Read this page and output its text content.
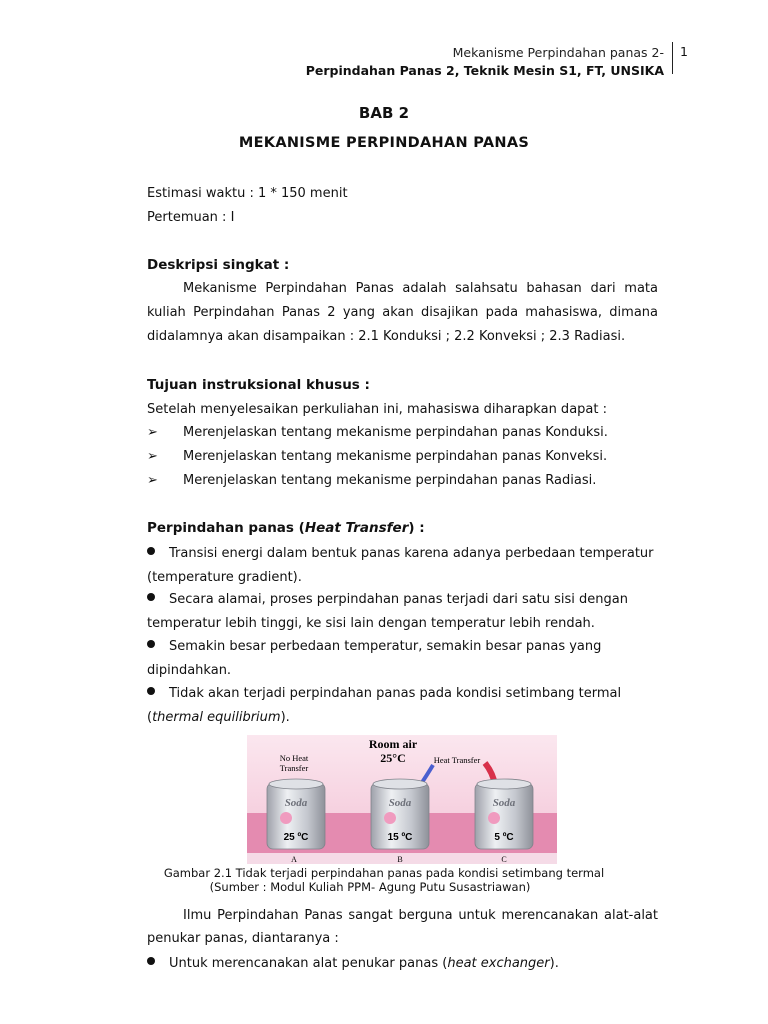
Mekanisme Perpindahan panas 2-
Perpindahan Panas 2, Teknik Mesin S1, FT, UNSIKA
1
BAB 2
MEKANISME PERPINDAHAN PANAS
Estimasi waktu : 1 * 150 menit
Pertemuan : I
Deskripsi singkat :
Mekanisme Perpindahan Panas adalah salahsatu bahasan dari mata kuliah Perpindahan Panas 2 yang akan disajikan pada mahasiswa, dimana didalamnya akan disampaikan : 2.1 Konduksi ; 2.2 Konveksi ; 2.3 Radiasi.
Tujuan instruksional khusus :
Setelah menyelesaikan perkuliahan ini, mahasiswa diharapkan dapat :
➢ Merenjelaskan tentang mekanisme perpindahan panas Konduksi.
➢ Merenjelaskan tentang mekanisme perpindahan panas Konveksi.
➢ Merenjelaskan tentang mekanisme perpindahan panas Radiasi.
Perpindahan panas (Heat Transfer) :
Transisi energi dalam bentuk panas karena adanya perbedaan temperatur
(temperature gradient).
Secara alamai, proses perpindahan panas terjadi dari satu sisi dengan
temperatur lebih tinggi, ke sisi lain dengan temperatur lebih rendah.
Semakin besar perbedaan temperatur, semakin besar panas yang
dipindahkan.
Tidak akan terjadi perpindahan panas pada kondisi setimbang termal
(thermal equilibrium).
Room air
25°C
No Heat
Transfer
Heat Transfer
Soda
25 ºC
Soda
15 ºC
Soda
5 ºC
A	B	C
Gambar 2.1 Tidak terjadi perpindahan panas pada kondisi setimbang termal
(Sumber : Modul Kuliah PPM- Agung Putu Susastriawan)
Ilmu Perpindahan Panas sangat berguna untuk merencanakan alat-alat
penukar panas, diantaranya :
Untuk merencanakan alat penukar panas (heat exchanger).
